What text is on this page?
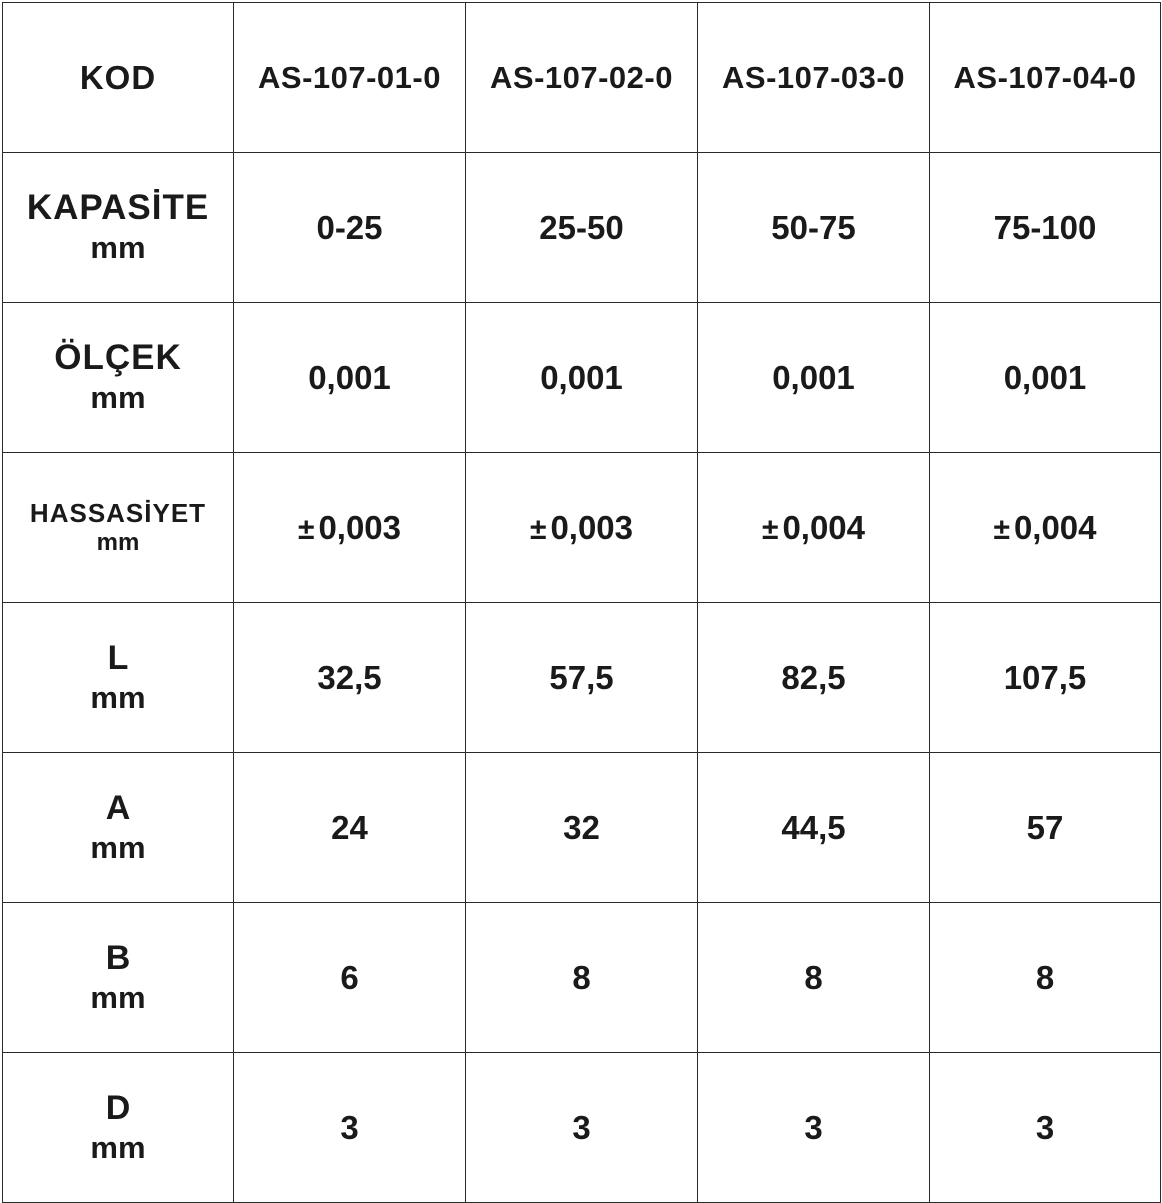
KOD	AS-107-01-0	AS-107-02-0	AS-107-03-0	AS-107-04-0

KAPASİTE
mm	0-25	25-50	50-75	75-100

ÖLÇEK
mm	0,001	0,001	0,001	0,001

HASSASİYET
mm	± 0,003	± 0,003	± 0,004	± 0,004

L
mm	32,5	57,5	82,5	107,5

A
mm	24	32	44,5	57

B
mm	6	8	8	8

D
mm	3	3	3	3
